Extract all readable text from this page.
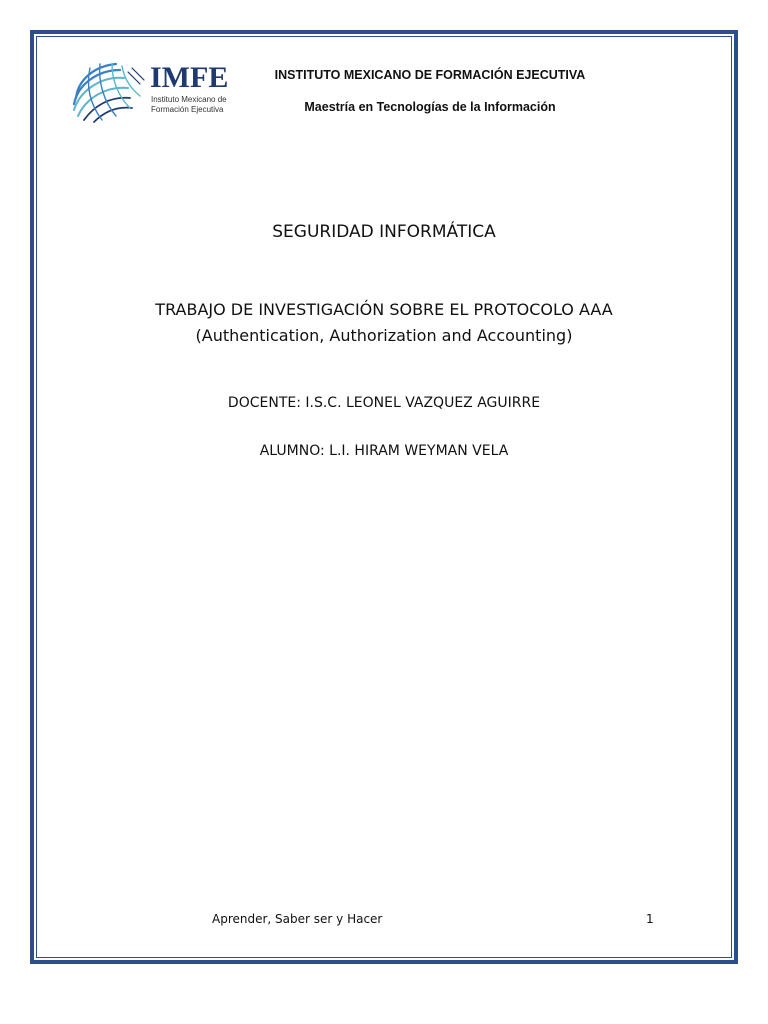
IMFE
Instituto Mexicano de
Formación Ejecutiva
INSTITUTO MEXICANO DE FORMACIÓN EJECUTIVA
Maestría en Tecnologías de la Información
SEGURIDAD INFORMÁTICA
TRABAJO DE INVESTIGACIÓN SOBRE EL PROTOCOLO AAA
(Authentication, Authorization and Accounting)
DOCENTE: I.S.C. LEONEL VAZQUEZ AGUIRRE
ALUMNO: L.I. HIRAM WEYMAN VELA
Aprender, Saber ser y Hacer	1
